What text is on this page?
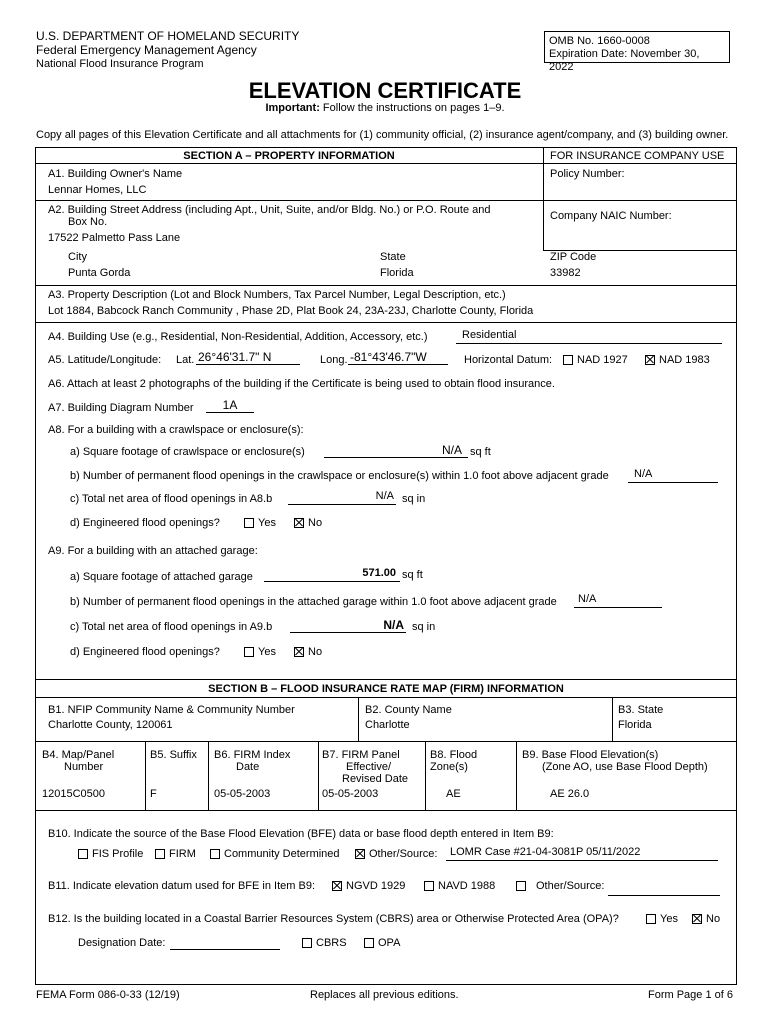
U.S. DEPARTMENT OF HOMELAND SECURITY
Federal Emergency Management Agency
National Flood Insurance Program
OMB No. 1660-0008
Expiration Date: November 30, 2022
ELEVATION CERTIFICATE
Important: Follow the instructions on pages 1–9.
Copy all pages of this Elevation Certificate and all attachments for (1) community official, (2) insurance agent/company, and (3) building owner.
SECTION A – PROPERTY INFORMATION	FOR INSURANCE COMPANY USE
A1. Building Owner's Name
Lennar Homes, LLC
Policy Number:
A2. Building Street Address (including Apt., Unit, Suite, and/or Bldg. No.) or P.O. Route and
Box No.
17522 Palmetto Pass Lane
Company NAIC Number:
City
Punta Gorda
State
Florida
ZIP Code
33982
A3. Property Description (Lot and Block Numbers, Tax Parcel Number, Legal Description, etc.)
Lot 1884, Babcock Ranch Community , Phase 2D, Plat Book 24, 23A-23J, Charlotte County, Florida
A4. Building Use (e.g., Residential, Non-Residential, Addition, Accessory, etc.)	Residential
A5. Latitude/Longitude: Lat. 26°46'31.7" N	Long. -81°43'46.7"W	Horizontal Datum:	NAD 1927	NAD 1983
A6. Attach at least 2 photographs of the building if the Certificate is being used to obtain flood insurance.
A7. Building Diagram Number	1A
A8. For a building with a crawlspace or enclosure(s):
a) Square footage of crawlspace or enclosure(s)	N/A sq ft
b) Number of permanent flood openings in the crawlspace or enclosure(s) within 1.0 foot above adjacent grade	N/A
c) Total net area of flood openings in A8.b	N/A sq in
d) Engineered flood openings?	Yes	No
A9. For a building with an attached garage:
a) Square footage of attached garage	571.00 sq ft
b) Number of permanent flood openings in the attached garage within 1.0 foot above adjacent grade	N/A
c) Total net area of flood openings in A9.b	N/A sq in
d) Engineered flood openings?	Yes	No
SECTION B – FLOOD INSURANCE RATE MAP (FIRM) INFORMATION
B1. NFIP Community Name & Community Number
Charlotte County, 120061
B2. County Name
Charlotte
B3. State
Florida
B4. Map/Panel
Number
12015C0500
B5. Suffix
F
B6. FIRM Index
Date
05-05-2003
B7. FIRM Panel
Effective/
Revised Date
05-05-2003
B8. Flood
Zone(s)
AE
B9. Base Flood Elevation(s)
(Zone AO, use Base Flood Depth)
AE 26.0
B10. Indicate the source of the Base Flood Elevation (BFE) data or base flood depth entered in Item B9:
FIS Profile	FIRM	Community Determined	Other/Source:	LOMR Case #21-04-3081P 05/11/2022
B11. Indicate elevation datum used for BFE in Item B9:	NGVD 1929	NAVD 1988	Other/Source:
B12. Is the building located in a Coastal Barrier Resources System (CBRS) area or Otherwise Protected Area (OPA)?	Yes	No
Designation Date:	CBRS	OPA
FEMA Form 086-0-33 (12/19)	Replaces all previous editions.	Form Page 1 of 6
